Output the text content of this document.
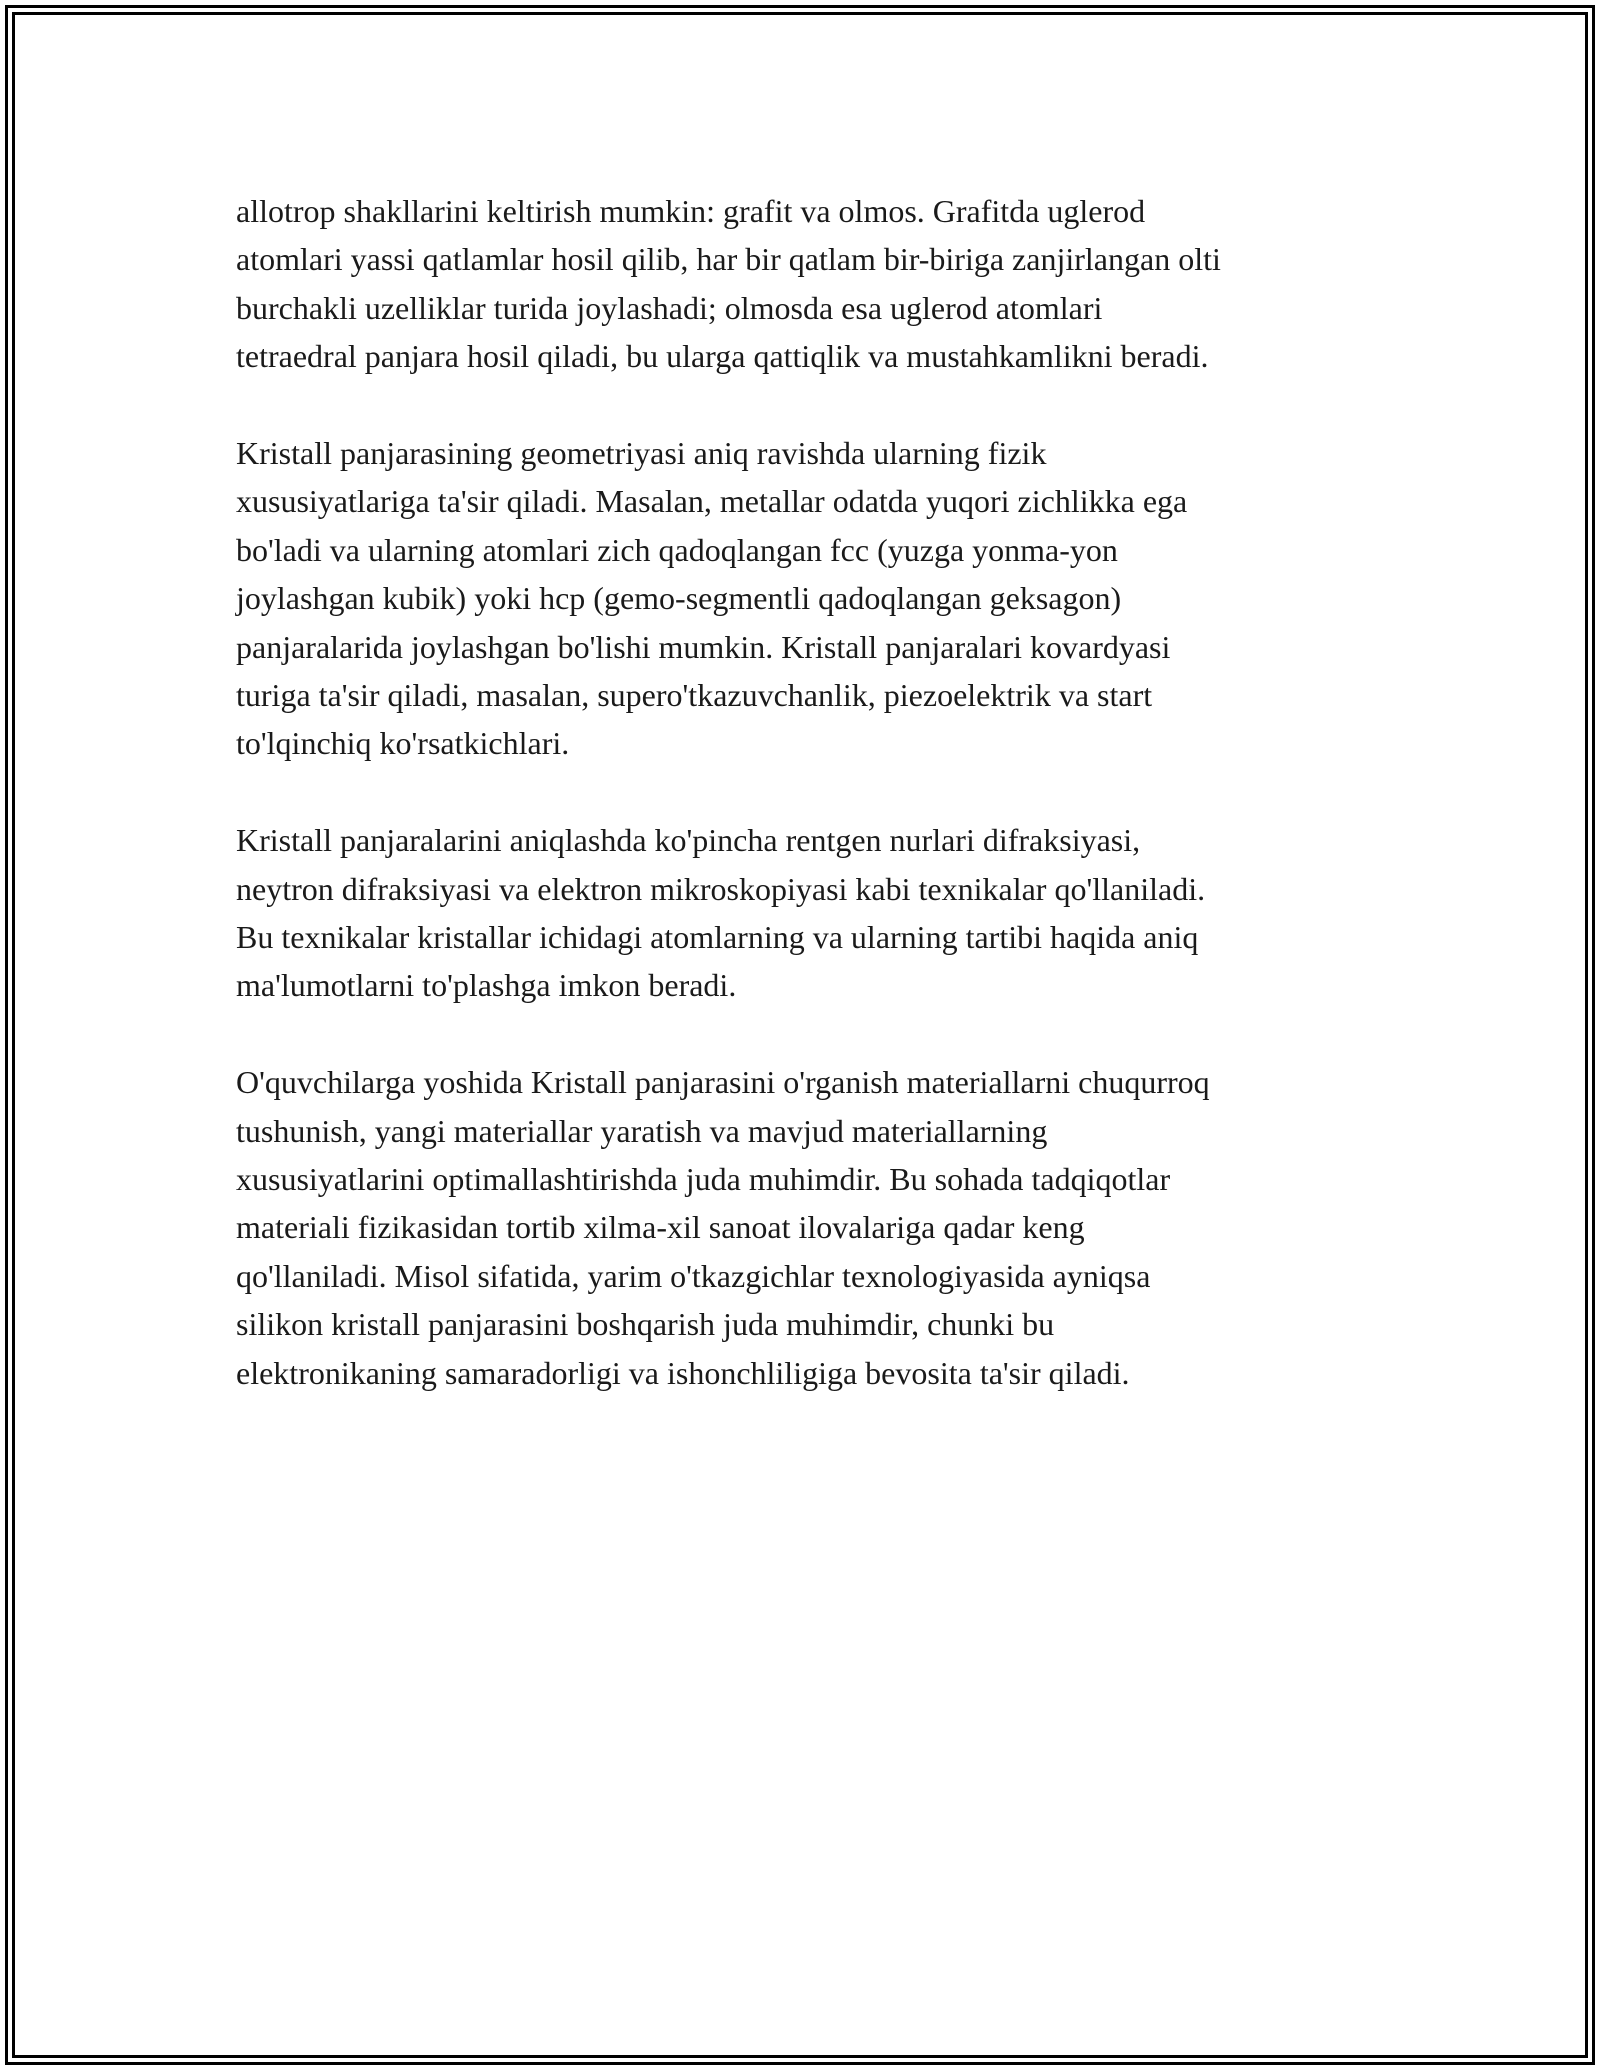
allotrop shakllarini keltirish mumkin: grafit va olmos. Grafitda uglerod
atomlari yassi qatlamlar hosil qilib, har bir qatlam bir-biriga zanjirlangan olti
burchakli uzelliklar turida joylashadi; olmosda esa uglerod atomlari
tetraedral panjara hosil qiladi, bu ularga qattiqlik va mustahkamlikni beradi.

Kristall panjarasining geometriyasi aniq ravishda ularning fizik
xususiyatlariga ta'sir qiladi. Masalan, metallar odatda yuqori zichlikka ega
bo'ladi va ularning atomlari zich qadoqlangan fcc (yuzga yonma-yon
joylashgan kubik) yoki hcp (gemo-segmentli qadoqlangan geksagon)
panjaralarida joylashgan bo'lishi mumkin. Kristall panjaralari kovardyasi
turiga ta'sir qiladi, masalan, supero'tkazuvchanlik, piezoelektrik va start
to'lqinchiq ko'rsatkichlari.

Kristall panjaralarini aniqlashda ko'pincha rentgen nurlari difraksiyasi,
neytron difraksiyasi va elektron mikroskopiyasi kabi texnikalar qo'llaniladi.
Bu texnikalar kristallar ichidagi atomlarning va ularning tartibi haqida aniq
ma'lumotlarni to'plashga imkon beradi.

O'quvchilarga yoshida Kristall panjarasini o'rganish materiallarni chuqurroq
tushunish, yangi materiallar yaratish va mavjud materiallarning
xususiyatlarini optimallashtirishda juda muhimdir. Bu sohada tadqiqotlar
materiali fizikasidan tortib xilma-xil sanoat ilovalariga qadar keng
qo'llaniladi. Misol sifatida, yarim o'tkazgichlar texnologiyasida ayniqsa
silikon kristall panjarasini boshqarish juda muhimdir, chunki bu
elektronikaning samaradorligi va ishonchliligiga bevosita ta'sir qiladi.
